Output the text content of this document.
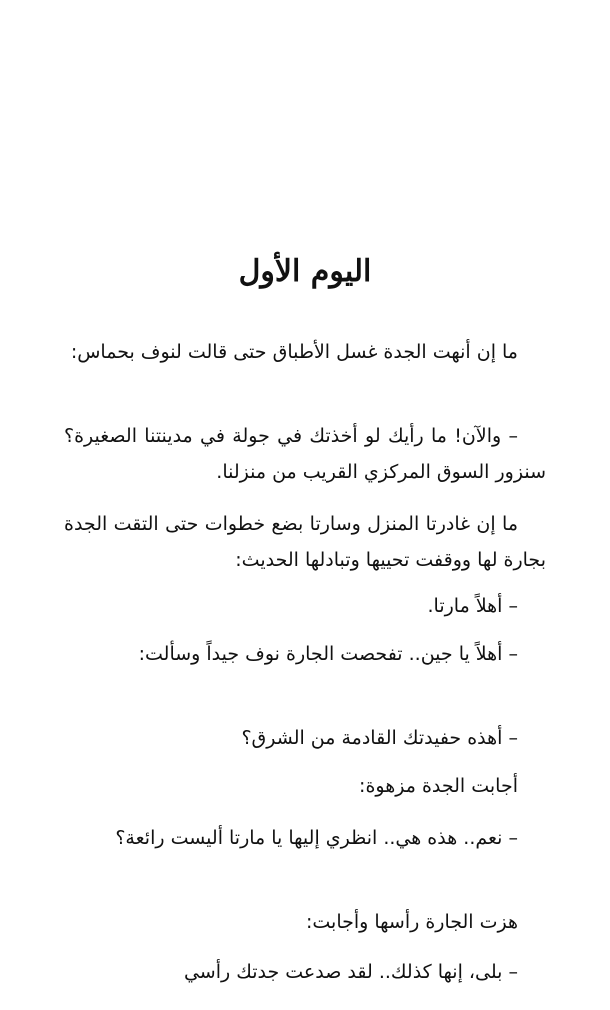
اليوم الأول

ما إن أنهت الجدة غسل الأطباق حتى قالت لنوف بحماس:

– والآن! ما رأيك لو أخذتك في جولة في مدينتنا الصغيرة؟ سنزور السوق المركزي القريب من منزلنا.

ما إن غادرتا المنزل وسارتا بضع خطوات حتى التقت الجدة بجارة لها ووقفت تحييها وتبادلها الحديث:

– أهلاً مارتا.

– أهلاً يا جين.. تفحصت الجارة نوف جيداً وسألت:

– أهذه حفيدتك القادمة من الشرق؟

أجابت الجدة مزهوة:

– نعم.. هذه هي.. انظري إليها يا مارتا أليست رائعة؟

هزت الجارة رأسها وأجابت:

– بلى، إنها كذلك.. لقد صدعت جدتك رأسي
